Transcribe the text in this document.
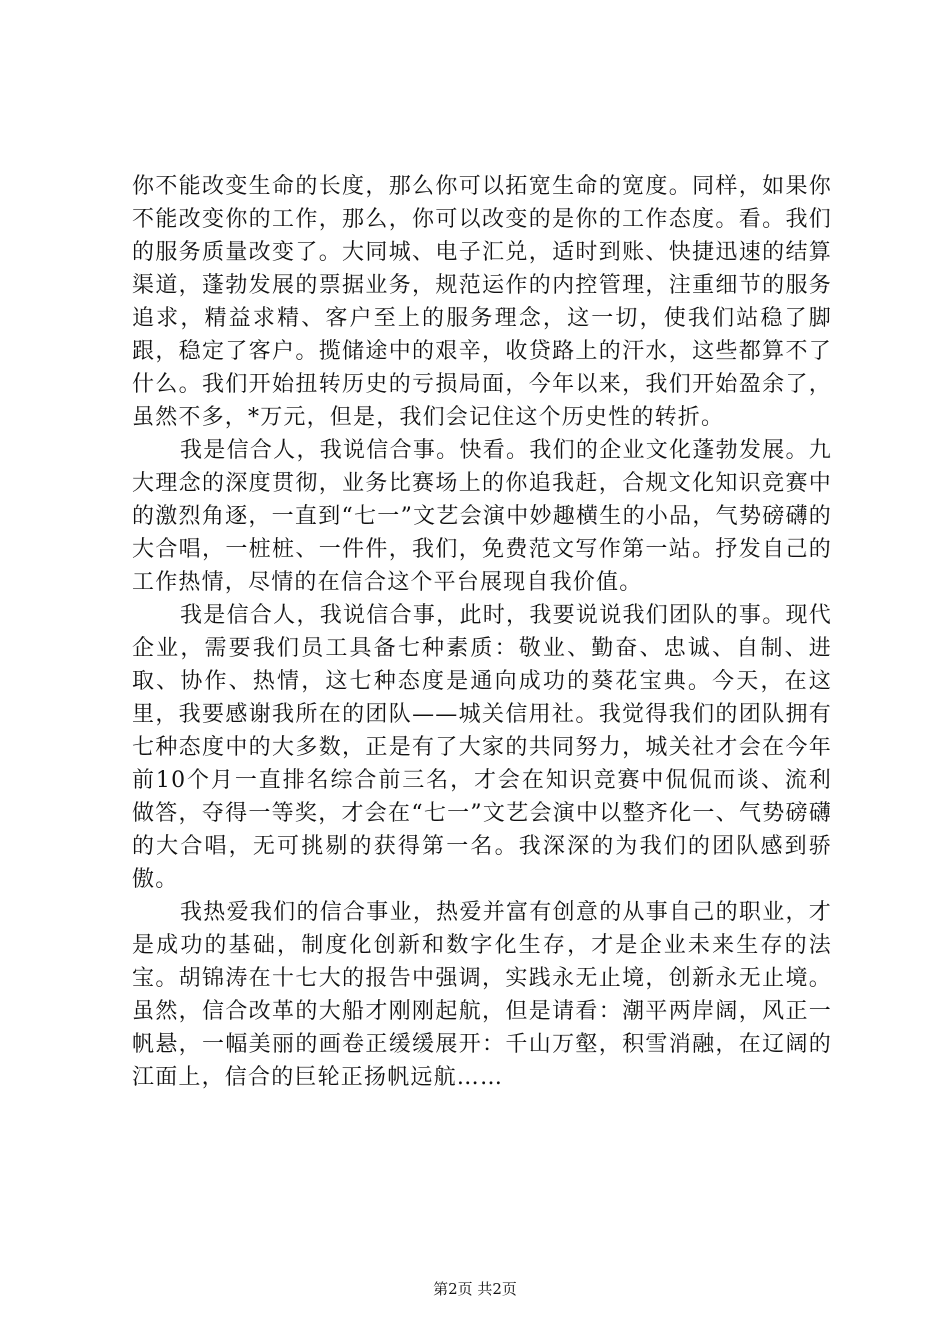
你不能改变生命的长度，那么你可以拓宽生命的宽度。同样，如果你不能改变你的工作，那么，你可以改变的是你的工作态度。看。我们的服务质量改变了。大同城、电子汇兑，适时到账、快捷迅速的结算渠道，蓬勃发展的票据业务，规范运作的内控管理，注重细节的服务追求，精益求精、客户至上的服务理念，这一切，使我们站稳了脚跟，稳定了客户。揽储途中的艰辛，收贷路上的汗水，这些都算不了什么。我们开始扭转历史的亏损局面，今年以来，我们开始盈余了，虽然不多，*万元，但是，我们会记住这个历史性的转折。

我是信合人，我说信合事。快看。我们的企业文化蓬勃发展。九大理念的深度贯彻，业务比赛场上的你追我赶，合规文化知识竞赛中的激烈角逐，一直到“七一”文艺会演中妙趣横生的小品，气势磅礴的大合唱，一桩桩、一件件，我们，免费范文写作第一站。抒发自己的工作热情，尽情的在信合这个平台展现自我价值。

我是信合人，我说信合事，此时，我要说说我们团队的事。现代企业，需要我们员工具备七种素质：敬业、勤奋、忠诚、自制、进取、协作、热情，这七种态度是通向成功的葵花宝典。今天，在这里，我要感谢我所在的团队——城关信用社。我觉得我们的团队拥有七种态度中的大多数，正是有了大家的共同努力，城关社才会在今年前10个月一直排名综合前三名，才会在知识竞赛中侃侃而谈、流利做答，夺得一等奖，才会在“七一”文艺会演中以整齐化一、气势磅礴的大合唱，无可挑剔的获得第一名。我深深的为我们的团队感到骄傲。

我热爱我们的信合事业，热爱并富有创意的从事自己的职业，才是成功的基础，制度化创新和数字化生存，才是企业未来生存的法宝。胡锦涛在十七大的报告中强调，实践永无止境，创新永无止境。虽然，信合改革的大船才刚刚起航，但是请看：潮平两岸阔，风正一帆悬，一幅美丽的画卷正缓缓展开：千山万壑，积雪消融，在辽阔的江面上，信合的巨轮正扬帆远航……

第2页 共2页
